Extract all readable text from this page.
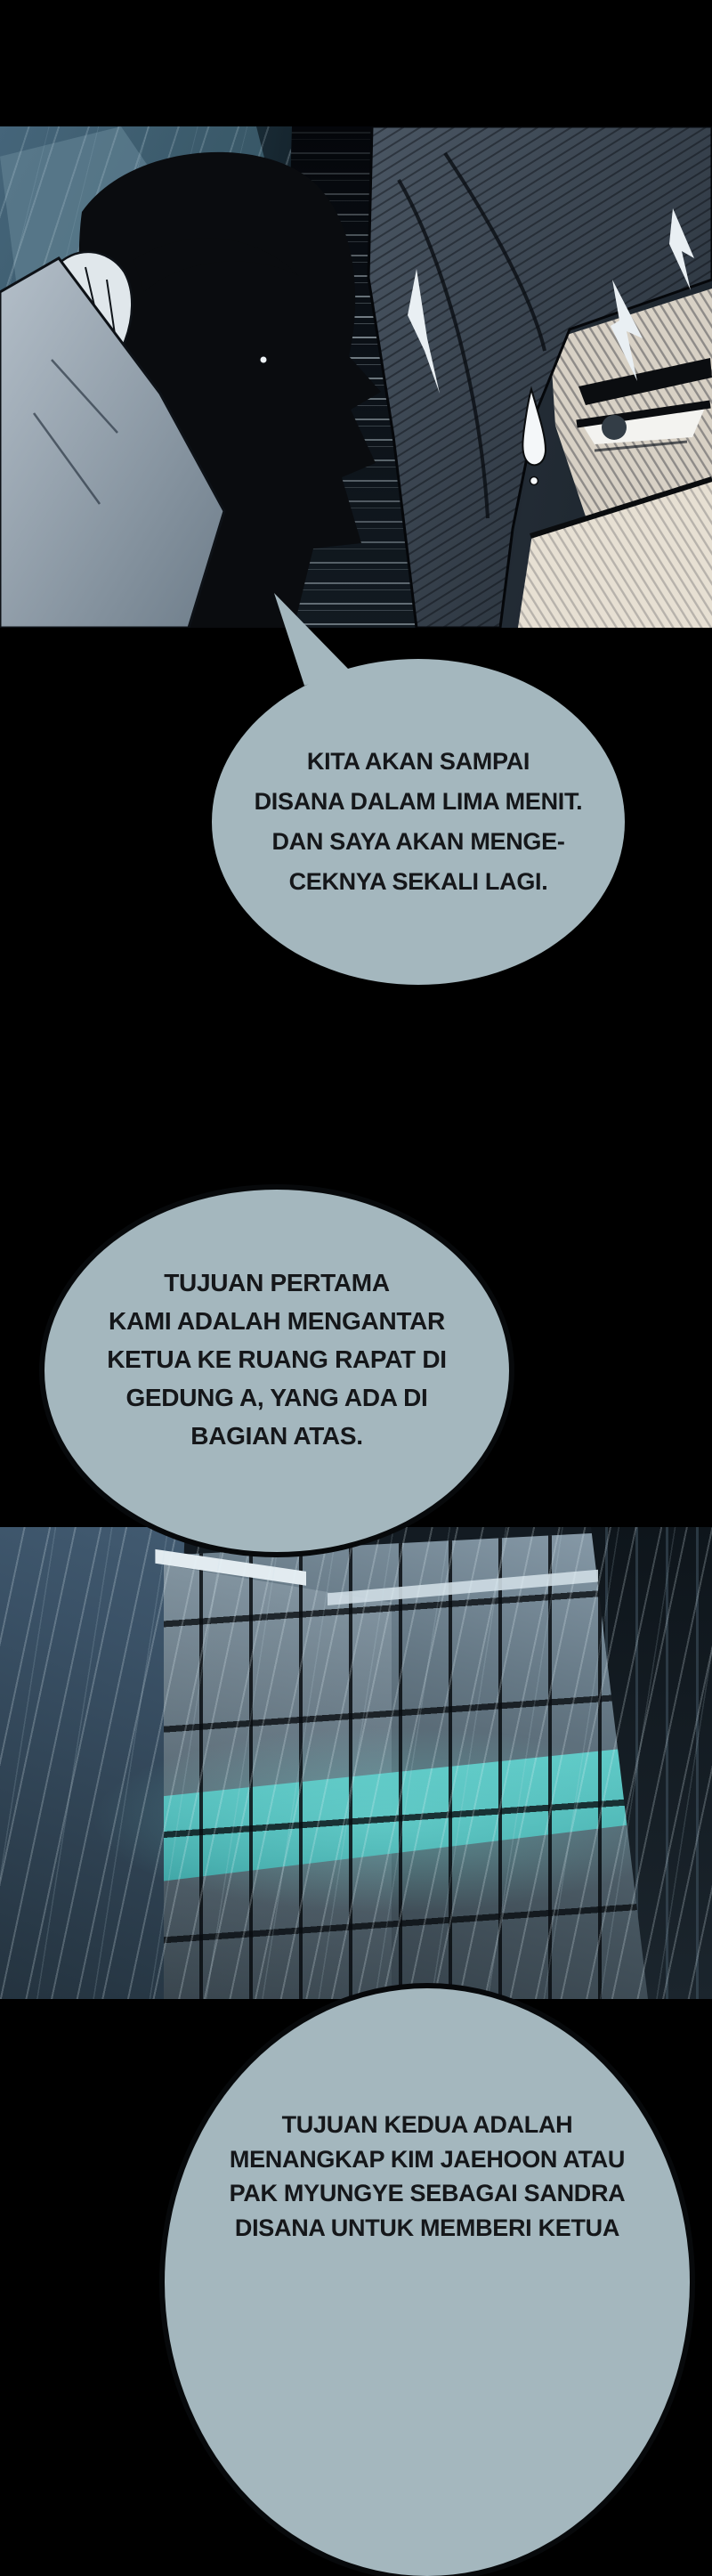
KITA AKAN SAMPAI
DISANA DALAM LIMA MENIT.
DAN SAYA AKAN MENGE-
CEKNYA SEKALI LAGI.
TUJUAN PERTAMA
KAMI ADALAH MENGANTAR
KETUA KE RUANG RAPAT DI
GEDUNG A, YANG ADA DI
BAGIAN ATAS.
TUJUAN KEDUA ADALAH
MENANGKAP KIM JAEHOON ATAU
PAK MYUNGYE SEBAGAI SANDRA
DISANA UNTUK MEMBERI KETUA
